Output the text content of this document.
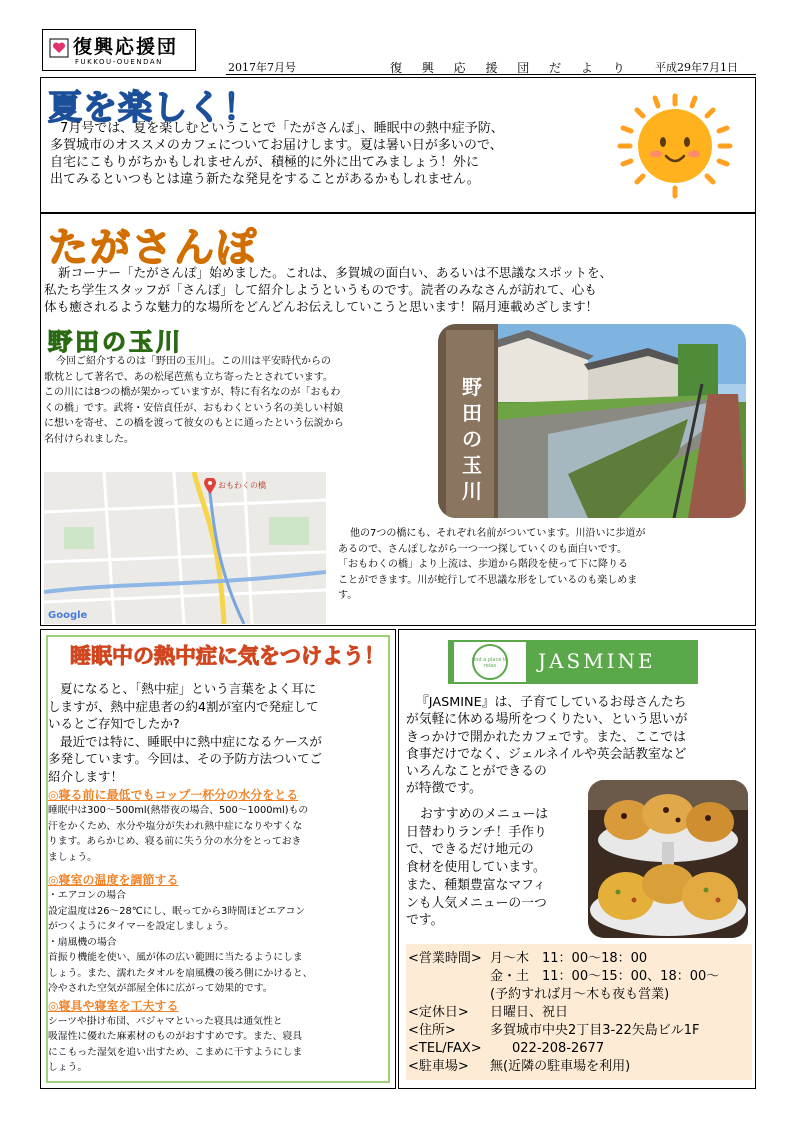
復興応援団
FUKKOU-OUENDAN	2017年7月号	復 興 応 援 団 だ よ り 平成29年7月1日
夏を楽しく！
7月号では、夏を楽しむということで「たがさんぽ」、睡眠中の熱中症予防、
多賀城市のオススメのカフェについてお届けします。夏は暑い日が多いので、
自宅にこもりがちかもしれませんが、積極的に外に出てみましょう！外に
出てみるといつもとは違う新たな発見をすることがあるかもしれません。
たがさんぽ
新コーナー「たがさんぽ」始めました。これは、多賀城の面白い、あるいは不思議なスポットを、
私たち学生スタッフが「さんぽ」して紹介しようというものです。読者のみなさんが訪れて、心も
体も癒されるような魅力的な場所をどんどんお伝えしていこうと思います！隔月連載めざします！
野田の玉川
今回ご紹介するのは「野田の玉川」。この川は平安時代からの
歌枕として著名で、あの松尾芭蕉も立ち寄ったとされています。
この川には8つの橋が架かっていますが、特に有名なのが「おもわ
くの橋」です。武将・安倍貞任が、おもわくという名の美しい村娘
に想いを寄せ、この橋を渡って彼女のもとに通ったという伝説から
名付けられました。
野田の玉川
おもわくの橋
Google
他の7つの橋にも、それぞれ名前がついています。川沿いに歩道が
あるので、さんぽしながら一つ一つ探していくのも面白いです。
「おもわくの橋」より上流は、歩道から階段を使って下に降りる
ことができます。川が蛇行して不思議な形をしているのも楽しめま
す。
睡眠中の熱中症に気をつけよう！
夏になると、「熱中症」という言葉をよく耳に
しますが、熱中症患者の約4割が室内で発症して
いるとご存知でしたか?
最近では特に、睡眠中に熱中症になるケースが
多発しています。今回は、その予防方法ついてご
紹介します！
◎寝る前に最低でもコップ一杯分の水分をとる
睡眠中は300～500ml(熱帯夜の場合、500～1000ml)もの
汗をかくため、水分や塩分が失われ熱中症になりやすくな
ります。あらかじめ、寝る前に失う分の水分をとっておき
ましょう。
◎寝室の温度を調節する
・エアコンの場合
設定温度は26～28℃にし、眠ってから3時間ほどエアコン
がつくようにタイマーを設定しましょう。
・扇風機の場合
首振り機能を使い、風が体の広い範囲に当たるようにしま
しょう。また、濡れたタオルを扇風機の後ろ側にかけると、
冷やされた空気が部屋全体に広がって効果的です。
◎寝具や寝室を工夫する
シーツや掛け布団、パジャマといった寝具は通気性と
吸湿性に優れた麻素材のものがおすすめです。また、寝具
にこもった湿気を追い出すため、こまめに干すようにしま
しょう。
find a place to relax	JASMINE
『JASMINE』は、子育てしているお母さんたち
が気軽に休める場所をつくりたい、という思いが
きっかけで開かれたカフェです。また、ここでは
食事だけでなく、ジェルネイルや英会話教室など
いろんなことができるの
が特徴です。
おすすめのメニューは
日替わりランチ！手作り
で、できるだけ地元の
食材を使用しています。
また、種類豊富なマフィ
ンも人気メニューの一つ
です。
<営業時間> 月～木　11：00～18：00
金・土　11：00～15：00、18：00～
(予約すれば月～木も夜も営業)
<定休日> 日曜日、祝日
<住所>	多賀城市中央2丁目3-22矢島ビル1F
<TEL/FAX> 022-208-2677
<駐車場> 無(近隣の駐車場を利用)
